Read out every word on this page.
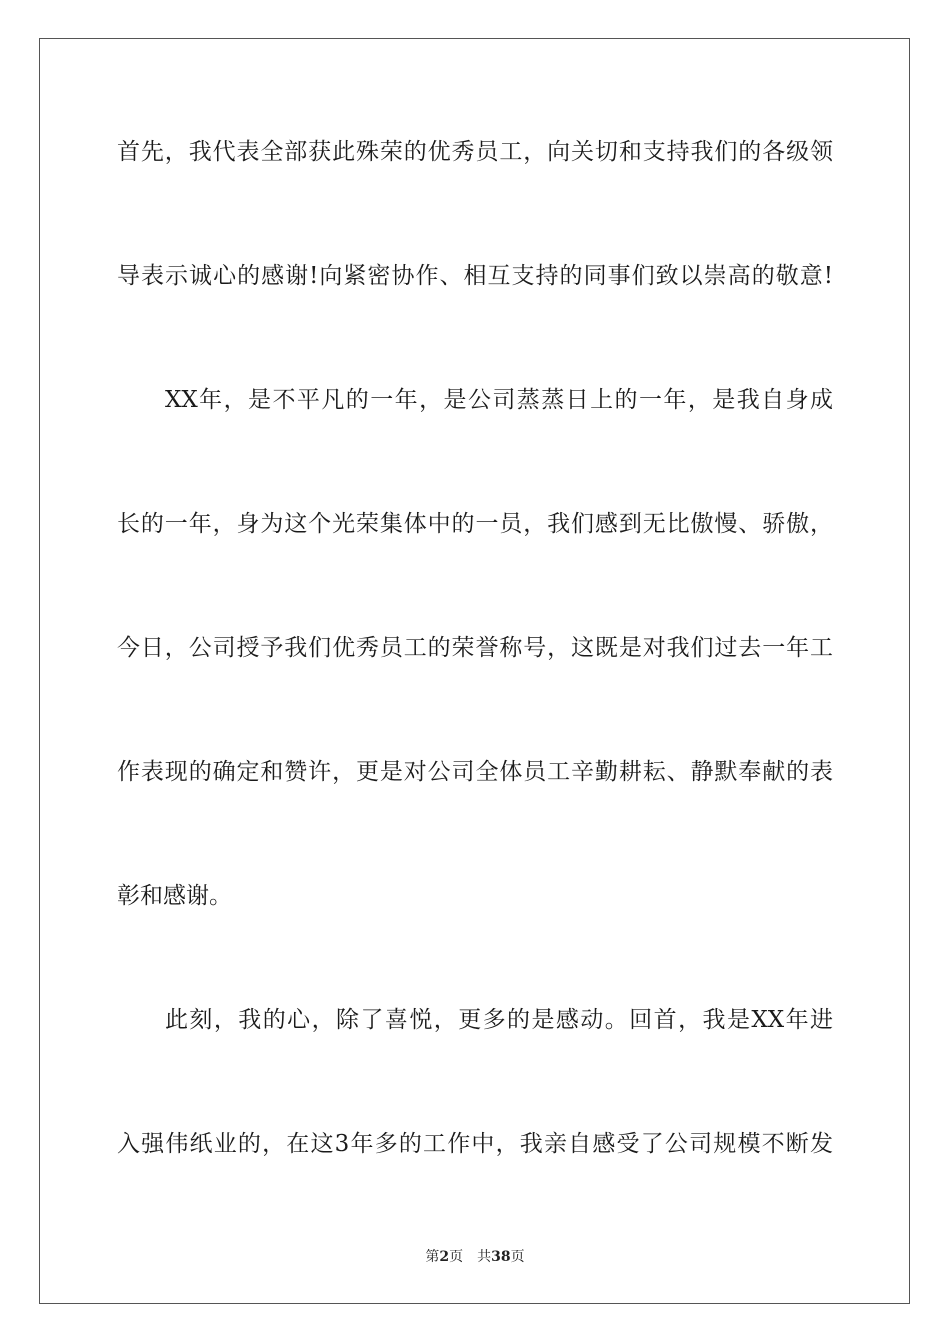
首先，我代表全部获此殊荣的优秀员工，向关切和支持我们的各级领
导表示诚心的感谢!向紧密协作、相互支持的同事们致以崇高的敬意!
XX年，是不平凡的一年，是公司蒸蒸日上的一年，是我自身成
长的一年，身为这个光荣集体中的一员，我们感到无比傲慢、骄傲，
今日，公司授予我们优秀员工的荣誉称号，这既是对我们过去一年工
作表现的确定和赞许，更是对公司全体员工辛勤耕耘、静默奉献的表
彰和感谢。
此刻，我的心，除了喜悦，更多的是感动。回首，我是XX年进
入强伟纸业的，在这3年多的工作中，我亲自感受了公司规模不断发
第2页 共38页
